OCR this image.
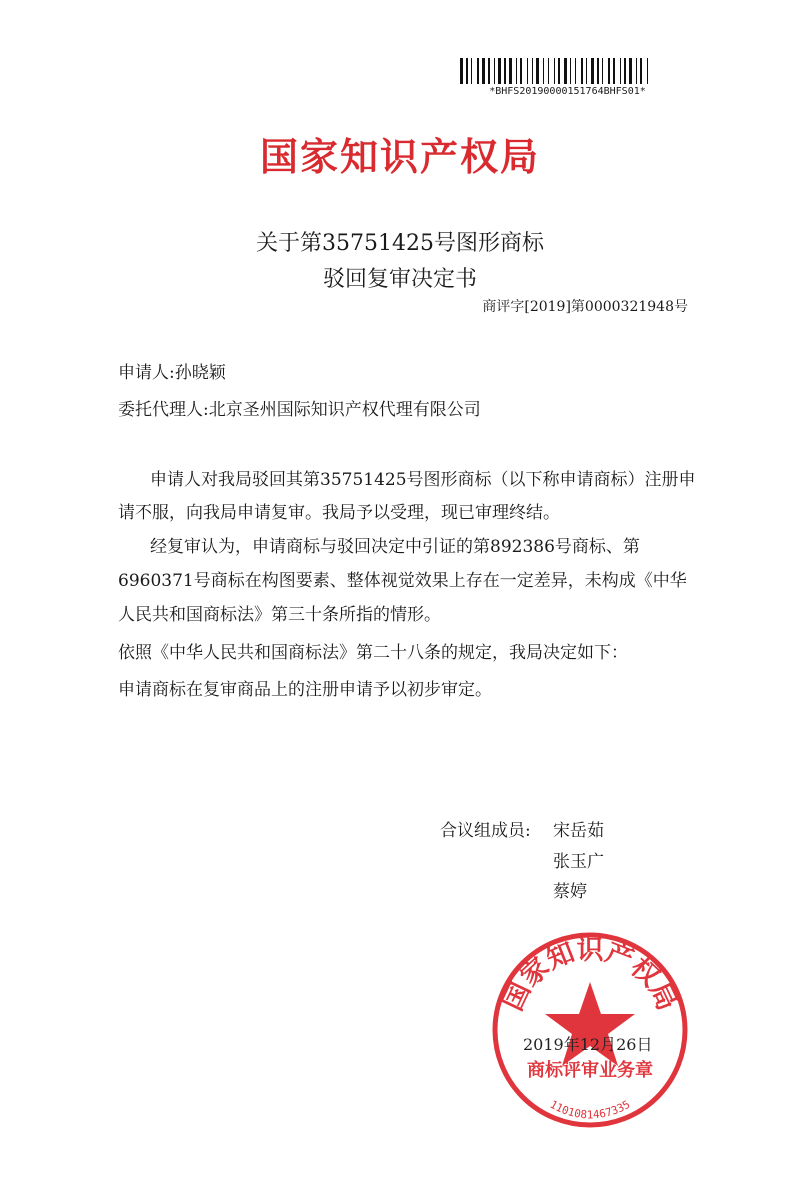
*BHFS20190000151764BHFS01*
国家知识产权局
关于第35751425号图形商标
驳回复审决定书
商评字[2019]第0000321948号
申请人:孙晓颖
委托代理人:北京圣州国际知识产权代理有限公司
申请人对我局驳回其第35751425号图形商标（以下称申请商标）注册申
请不服，向我局申请复审。我局予以受理，现已审理终结。
经复审认为，申请商标与驳回决定中引证的第892386号商标、第
6960371号商标在构图要素、整体视觉效果上存在一定差异，未构成《中华
人民共和国商标法》第三十条所指的情形。
依照《中华人民共和国商标法》第二十八条的规定，我局决定如下：
申请商标在复审商品上的注册申请予以初步审定。
合议组成员: 宋岳茹
张玉广
蔡婷
国家知识产权局
商标评审业务章
1101081467335
2019年12月26日
